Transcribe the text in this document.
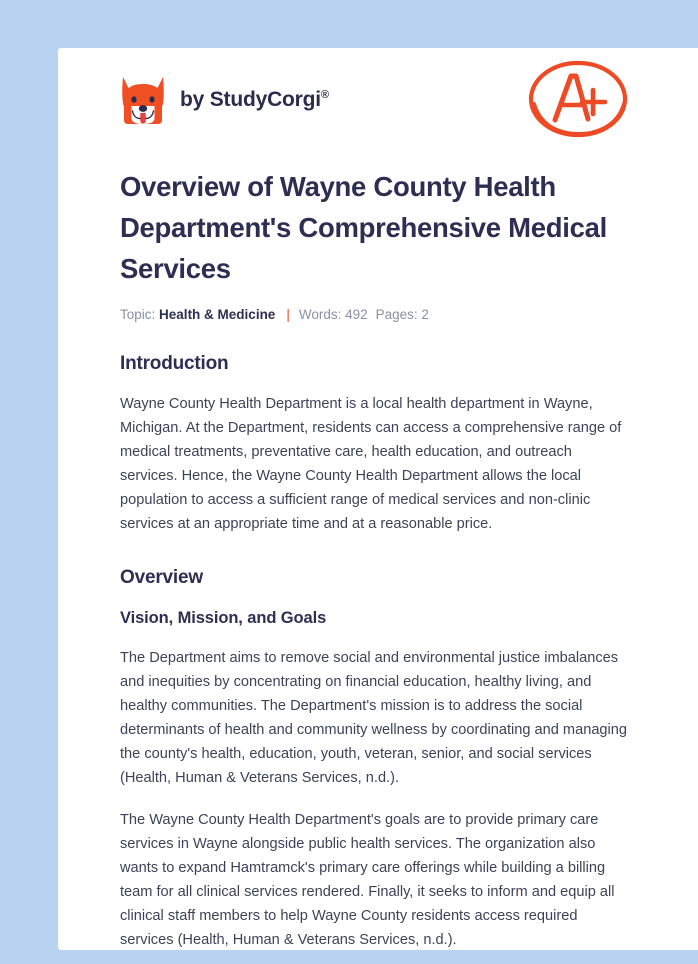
by StudyCorgi®
Overview of Wayne County Health Department's Comprehensive Medical Services
Topic: Health & Medicine | Words: 492 Pages: 2
Introduction

Wayne County Health Department is a local health department in Wayne, Michigan. At the Department, residents can access a comprehensive range of medical treatments, preventative care, health education, and outreach services. Hence, the Wayne County Health Department allows the local population to access a sufficient range of medical services and non-clinic services at an appropriate time and at a reasonable price.

Overview
Vision, Mission, and Goals

The Department aims to remove social and environmental justice imbalances and inequities by concentrating on financial education, healthy living, and healthy communities. The Department's mission is to address the social determinants of health and community wellness by coordinating and managing the county's health, education, youth, veteran, senior, and social services (Health, Human & Veterans Services, n.d.).

The Wayne County Health Department's goals are to provide primary care services in Wayne alongside public health services. The organization also wants to expand Hamtramck's primary care offerings while building a billing team for all clinical services rendered. Finally, it seeks to inform and equip all clinical staff members to help Wayne County residents access required services (Health, Human & Veterans Services, n.d.).
